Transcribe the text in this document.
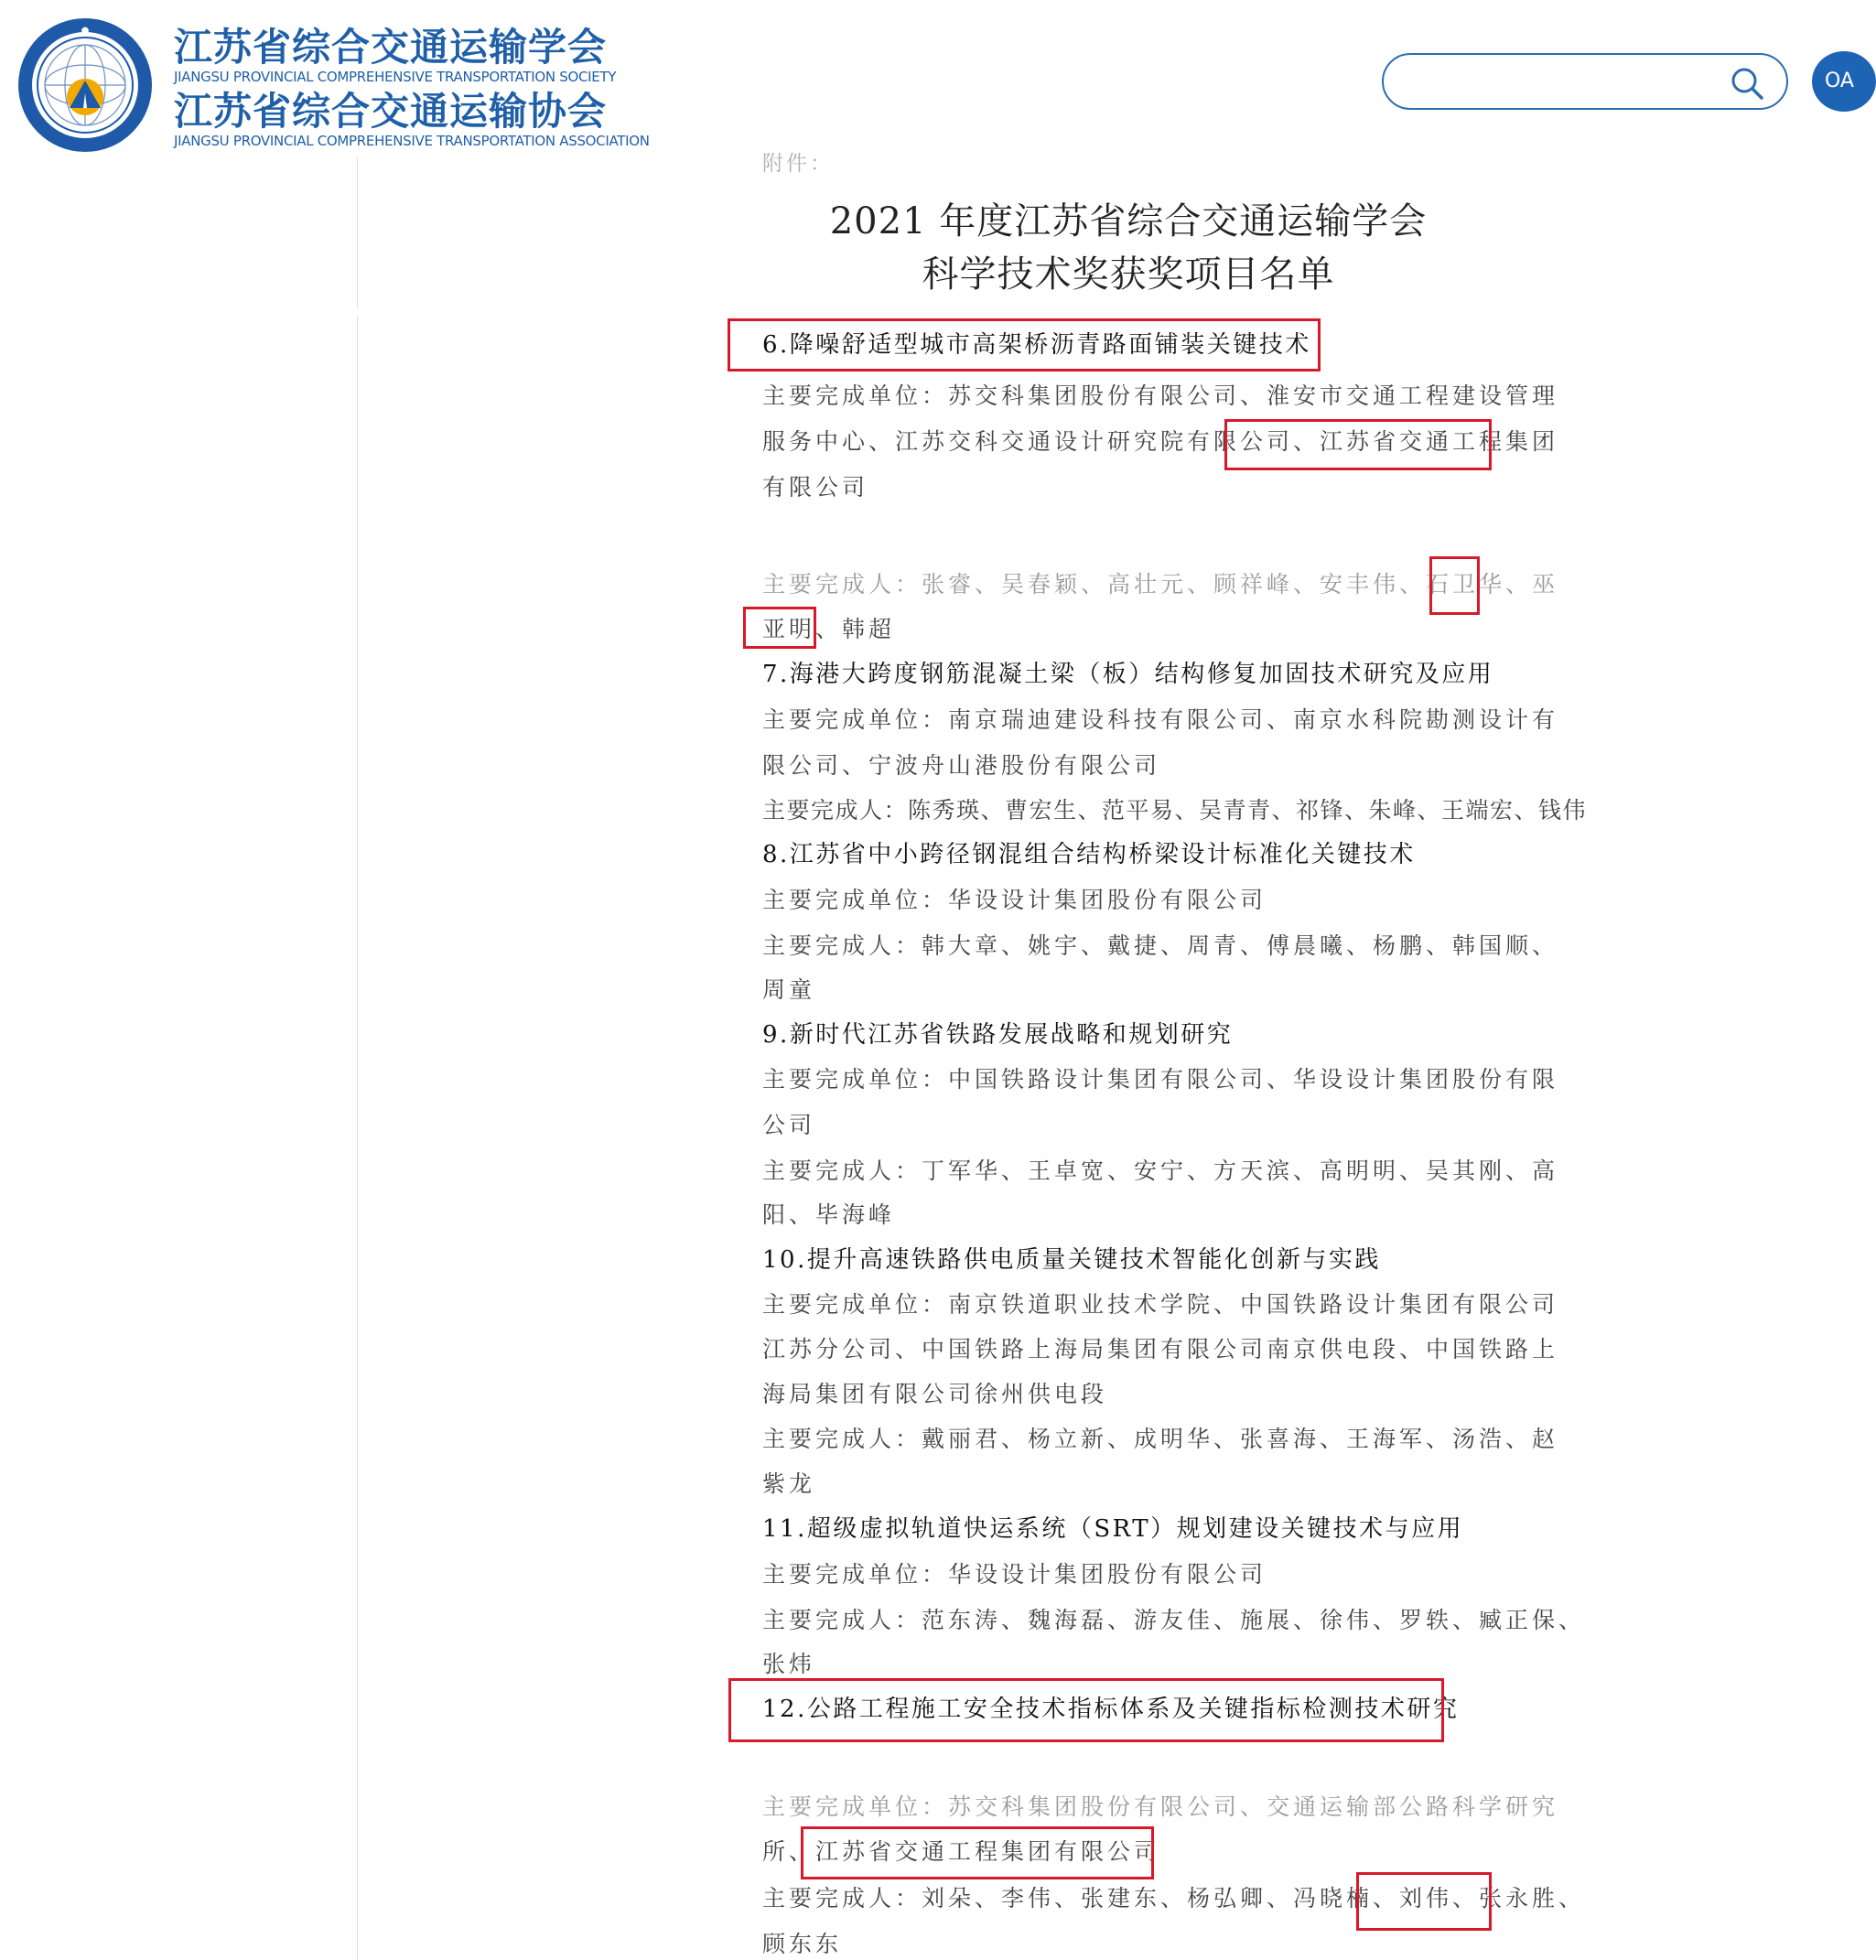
● 江苏省综合交通运输学会
JIANGSU PROVINCIAL COMPREHENSIVE TRANSPORTATION SOCIETY
江苏省综合交通运输协会
JIANGSU PROVINCIAL COMPREHENSIVE TRANSPORTATION ASSOCIATION
OA
附件：
2021 年度江苏省综合交通运输学会
科学技术奖获奖项目名单
6.降噪舒适型城市高架桥沥青路面铺装关键技术
主要完成单位：苏交科集团股份有限公司、淮安市交通工程建设管理
服务中心、江苏交科交通设计研究院有限公司、江苏省交通工程集团
有限公司
主要完成人：张睿、吴春颖、高壮元、顾祥峰、安丰伟、石卫华、巫
亚明、韩超
7.海港大跨度钢筋混凝土梁（板）结构修复加固技术研究及应用
主要完成单位：南京瑞迪建设科技有限公司、南京水科院勘测设计有
限公司、宁波舟山港股份有限公司
主要完成人：陈秀瑛、曹宏生、范平易、吴青青、祁锋、朱峰、王端宏、钱伟
8.江苏省中小跨径钢混组合结构桥梁设计标准化关键技术
主要完成单位：华设设计集团股份有限公司
主要完成人：韩大章、姚宇、戴捷、周青、傅晨曦、杨鹏、韩国顺、
周童
9.新时代江苏省铁路发展战略和规划研究
主要完成单位：中国铁路设计集团有限公司、华设设计集团股份有限
公司
主要完成人：丁军华、王卓宽、安宁、方天滨、高明明、吴其刚、高
阳、毕海峰
10.提升高速铁路供电质量关键技术智能化创新与实践
主要完成单位：南京铁道职业技术学院、中国铁路设计集团有限公司
江苏分公司、中国铁路上海局集团有限公司南京供电段、中国铁路上
海局集团有限公司徐州供电段
主要完成人：戴丽君、杨立新、成明华、张喜海、王海军、汤浩、赵
紫龙
11.超级虚拟轨道快运系统（SRT）规划建设关键技术与应用
主要完成单位：华设设计集团股份有限公司
主要完成人：范东涛、魏海磊、游友佳、施展、徐伟、罗轶、臧正保、
张炜
12.公路工程施工安全技术指标体系及关键指标检测技术研究
主要完成单位：苏交科集团股份有限公司、交通运输部公路科学研究
所、江苏省交通工程集团有限公司
主要完成人：刘朵、李伟、张建东、杨弘卿、冯晓楠、刘伟、张永胜、
顾东东
